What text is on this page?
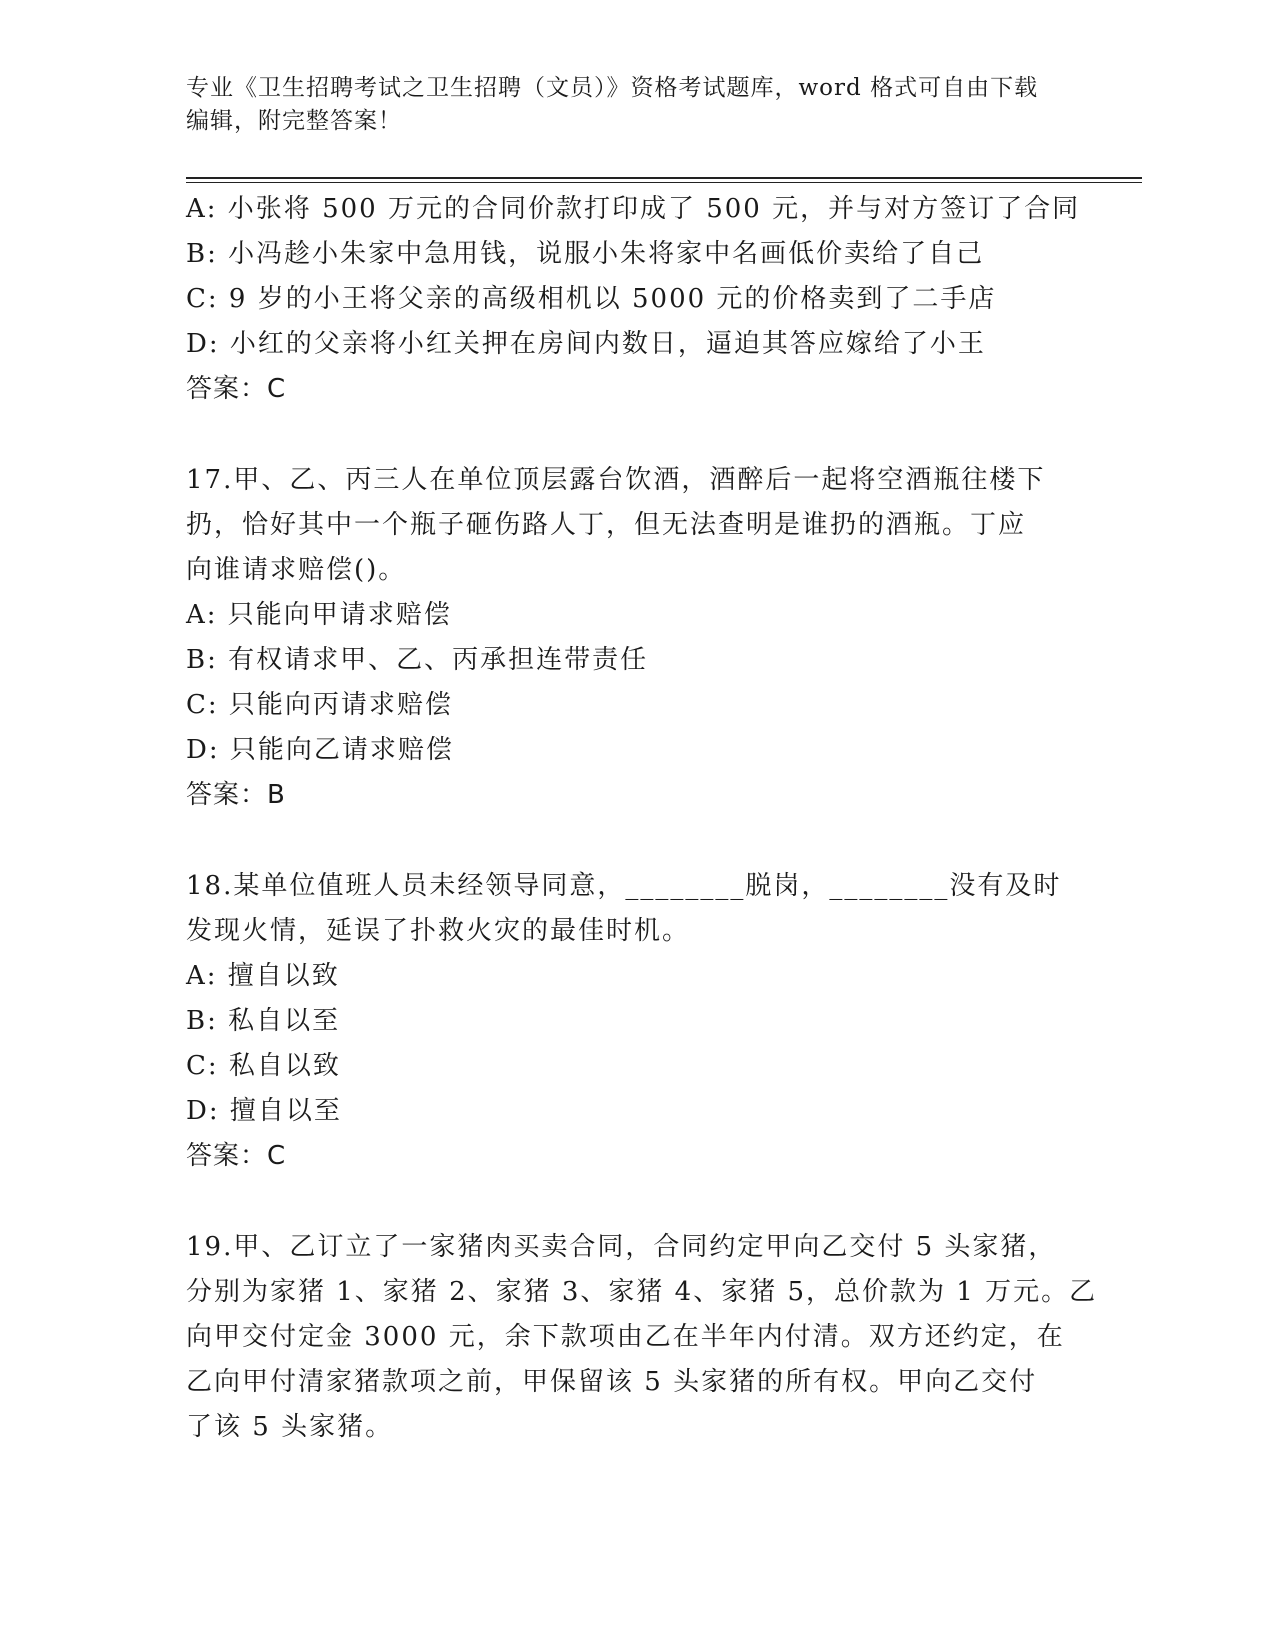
专业《卫生招聘考试之卫生招聘（文员）》资格考试题库，word 格式可自由下载
编辑，附完整答案！
A: 小张将 500 万元的合同价款打印成了 500 元，并与对方签订了合同
B: 小冯趁小朱家中急用钱，说服小朱将家中名画低价卖给了自己
C: 9 岁的小王将父亲的高级相机以 5000 元的价格卖到了二手店
D: 小红的父亲将小红关押在房间内数日，逼迫其答应嫁给了小王
答案：C
17.甲、乙、丙三人在单位顶层露台饮酒，酒醉后一起将空酒瓶往楼下
扔，恰好其中一个瓶子砸伤路人丁，但无法查明是谁扔的酒瓶。丁应
向谁请求赔偿()。
A: 只能向甲请求赔偿
B: 有权请求甲、乙、丙承担连带责任
C: 只能向丙请求赔偿
D: 只能向乙请求赔偿
答案：B
18.某单位值班人员未经领导同意，________脱岗，________没有及时
发现火情，延误了扑救火灾的最佳时机。
A: 擅自以致
B: 私自以至
C: 私自以致
D: 擅自以至
答案：C
19.甲、乙订立了一家猪肉买卖合同，合同约定甲向乙交付 5 头家猪，
分别为家猪 1、家猪 2、家猪 3、家猪 4、家猪 5，总价款为 1 万元。乙
向甲交付定金 3000 元，余下款项由乙在半年内付清。双方还约定，在
乙向甲付清家猪款项之前，甲保留该 5 头家猪的所有权。甲向乙交付
了该 5 头家猪。
